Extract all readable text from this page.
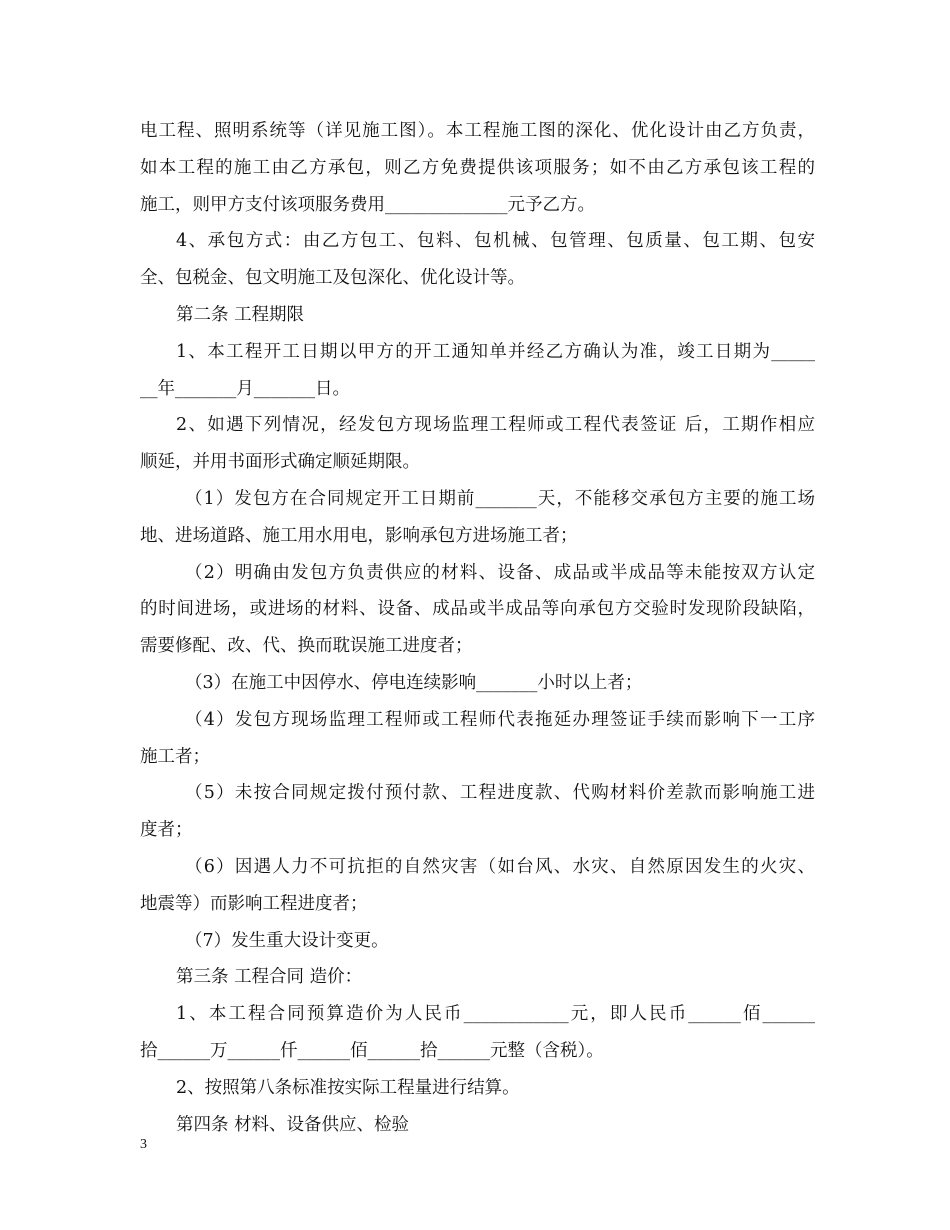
电工程、照明系统等（详见施工图）。本工程施工图的深化、优化设计由乙方负责，
如本工程的施工由乙方承包，则乙方免费提供该项服务；如不由乙方承包该工程的
施工，则甲方支付该项服务费用______________元予乙方。
4、承包方式：由乙方包工、包料、包机械、包管理、包质量、包工期、包安
全、包税金、包文明施工及包深化、优化设计等。
第二条 工程期限
1、本工程开工日期以甲方的开工通知单并经乙方确认为准，竣工日期为_____
__年_______月_______日。
2、如遇下列情况，经发包方现场监理工程师或工程代表签证 后，工期作相应
顺延，并用书面形式确定顺延期限。
（1）发包方在合同规定开工日期前_______天，不能移交承包方主要的施工场
地、进场道路、施工用水用电，影响承包方进场施工者；
（2）明确由发包方负责供应的材料、设备、成品或半成品等未能按双方认定
的时间进场，或进场的材料、设备、成品或半成品等向承包方交验时发现阶段缺陷，
需要修配、改、代、换而耽误施工进度者；
（3）在施工中因停水、停电连续影响_______小时以上者；
（4）发包方现场监理工程师或工程师代表拖延办理签证手续而影响下一工序
施工者；
（5）未按合同规定拨付预付款、工程进度款、代购材料价差款而影响施工进
度者；
（6）因遇人力不可抗拒的自然灾害（如台风、水灾、自然原因发生的火灾、
地震等）而影响工程进度者；
（7）发生重大设计变更。
第三条 工程合同 造价：
1、本工程合同预算造价为人民币____________元，即人民币______佰______
拾______万______仟______佰______拾______元整（含税）。
2、按照第八条标准按实际工程量进行结算。
第四条 材料、设备供应、检验
3
